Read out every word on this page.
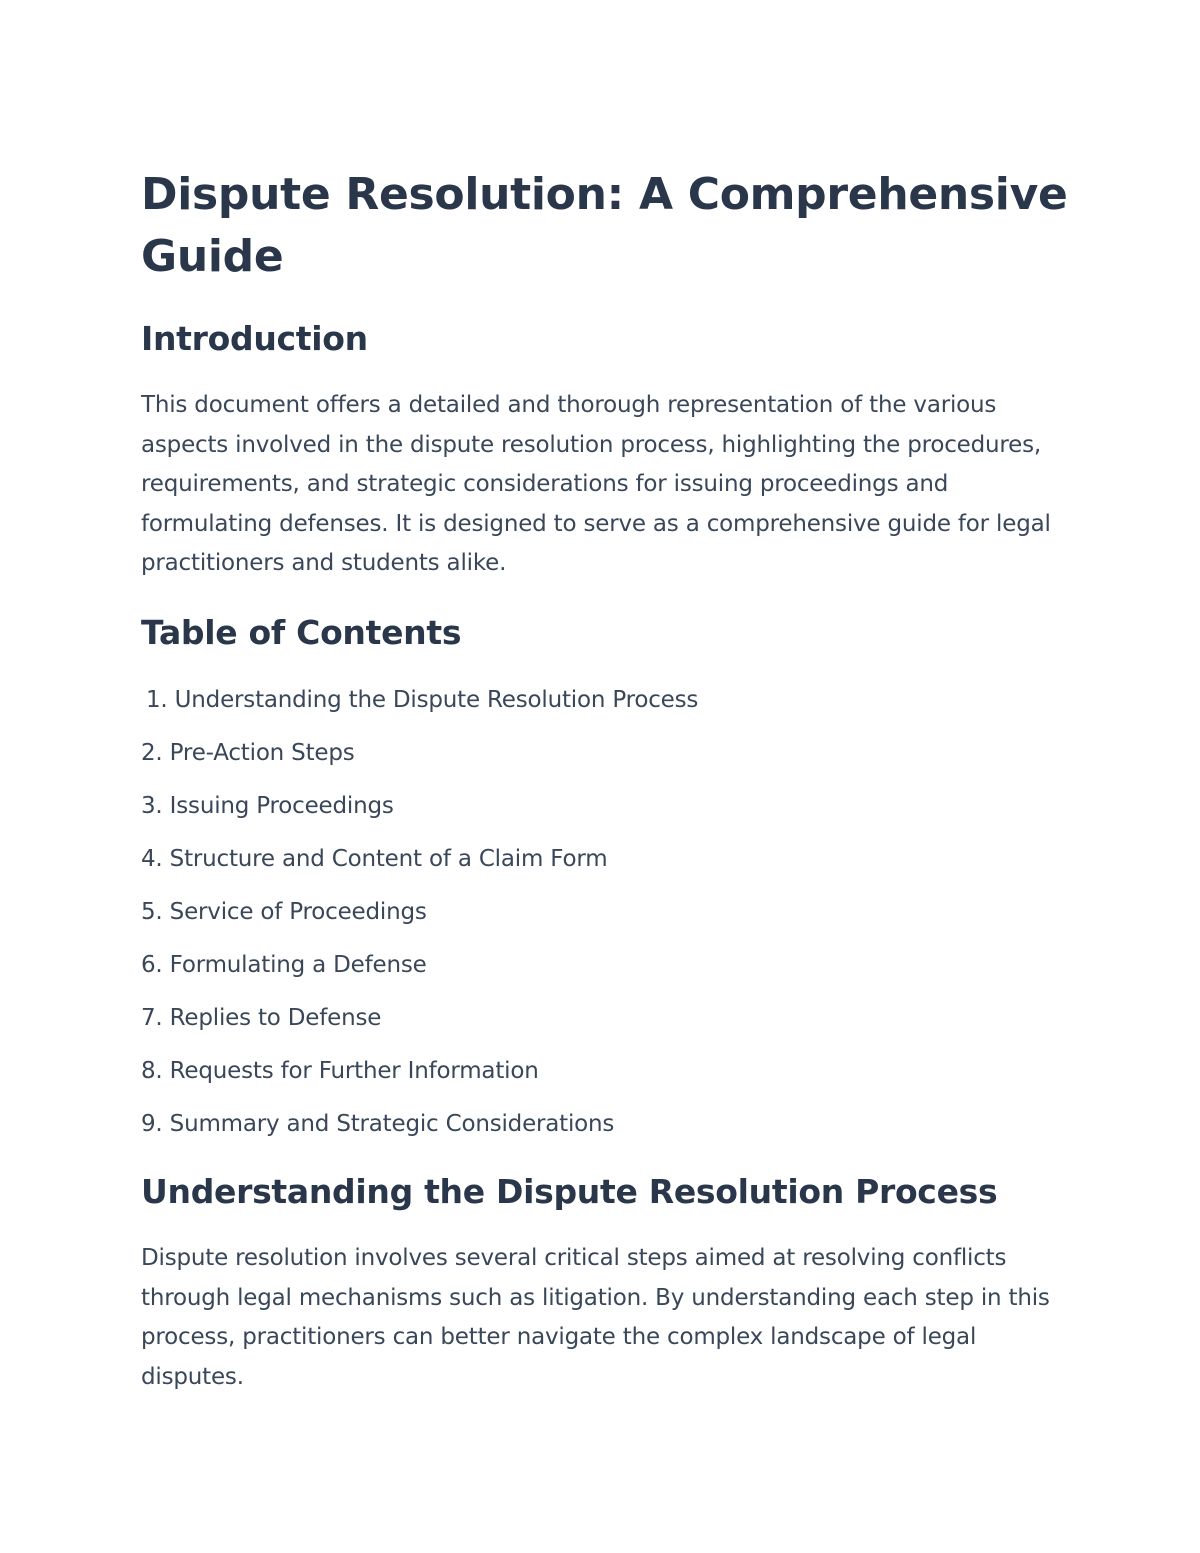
Dispute Resolution: A Comprehensive Guide
Introduction

This document offers a detailed and thorough representation of the various aspects involved in the dispute resolution process, highlighting the procedures, requirements, and strategic considerations for issuing proceedings and formulating defenses. It is designed to serve as a comprehensive guide for legal practitioners and students alike.

Table of Contents
1. Understanding the Dispute Resolution Process
2. Pre-Action Steps
3. Issuing Proceedings
4. Structure and Content of a Claim Form
5. Service of Proceedings
6. Formulating a Defense
7. Replies to Defense
8. Requests for Further Information
9. Summary and Strategic Considerations
Understanding the Dispute Resolution Process

Dispute resolution involves several critical steps aimed at resolving conflicts through legal mechanisms such as litigation. By understanding each step in this process, practitioners can better navigate the complex landscape of legal disputes.
